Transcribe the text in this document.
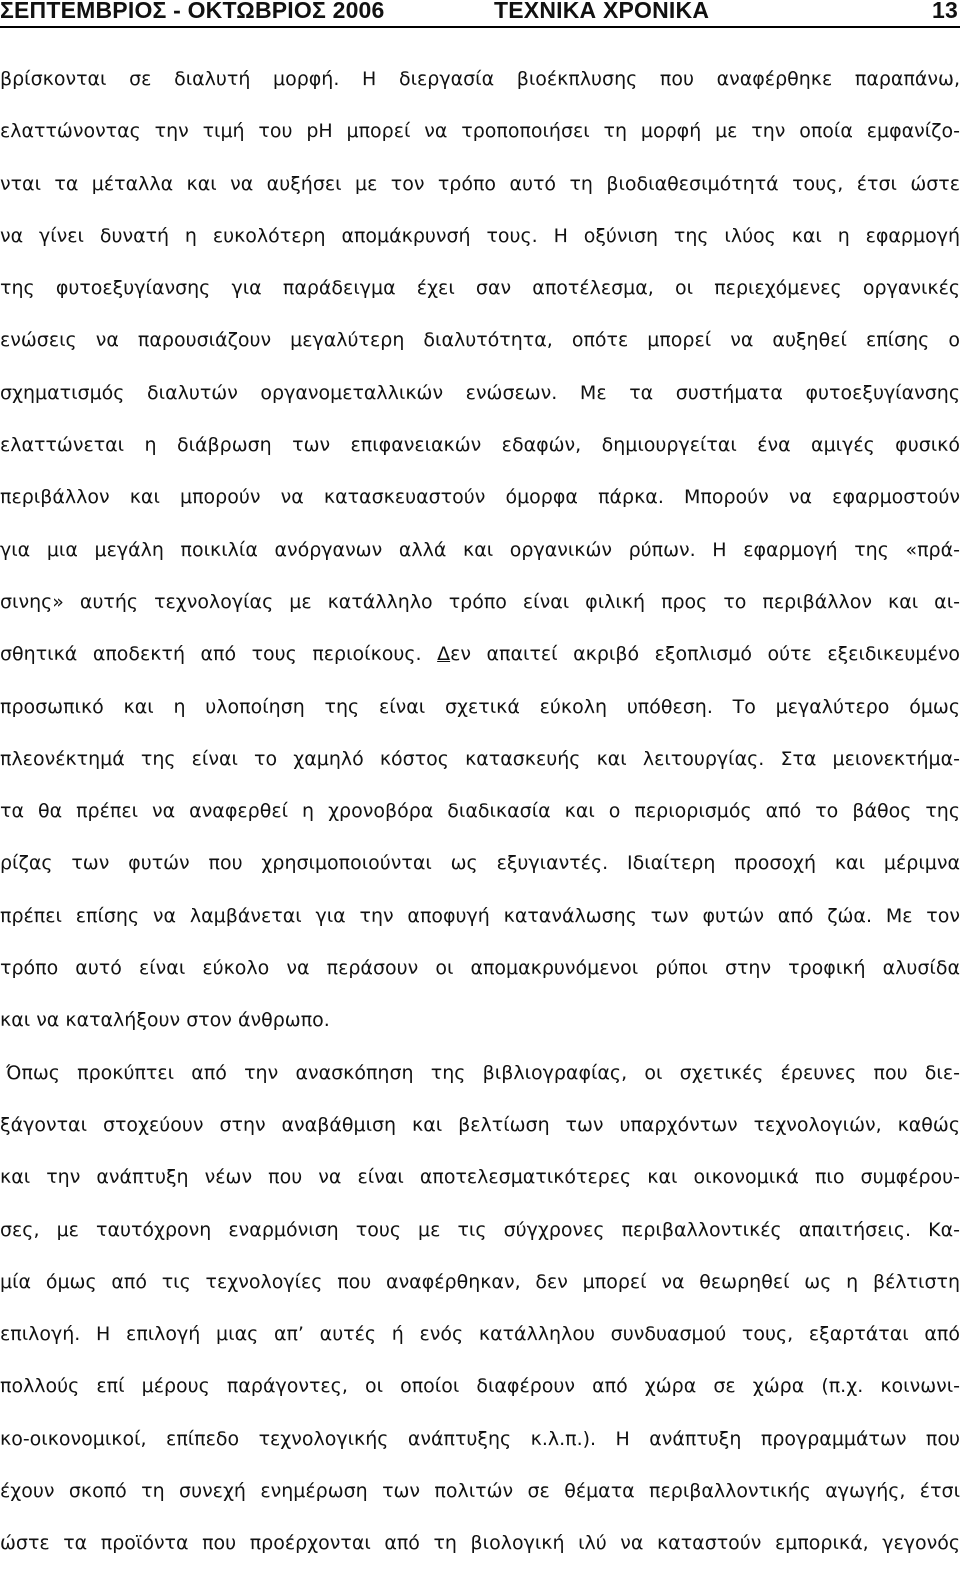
ΣΕΠΤΕΜΒΡΙΟΣ - ΟΚΤΩΒΡΙΟΣ 2006	ΤΕΧΝΙΚΑ ΧΡΟΝΙΚΑ	13
βρίσκονται σε διαλυτή μορφή. Η διεργασία βιοέκπλυσης που αναφέρθηκε παραπάνω,
ελαττώνοντας την τιμή του pH μπορεί να τροποποιήσει τη μορφή με την οποία εμφανίζο-
νται τα μέταλλα και να αυξήσει με τον τρόπο αυτό τη βιοδιαθεσιμότητά τους, έτσι ώστε
να γίνει δυνατή η ευκολότερη απομάκρυνσή τους. Η οξύνιση της ιλύος και η εφαρμογή
της φυτοεξυγίανσης για παράδειγμα έχει σαν αποτέλεσμα, οι περιεχόμενες οργανικές
ενώσεις να παρουσιάζουν μεγαλύτερη διαλυτότητα, οπότε μπορεί να αυξηθεί επίσης ο
σχηματισμός διαλυτών οργανομεταλλικών ενώσεων. Με τα συστήματα φυτοεξυγίανσης
ελαττώνεται η διάβρωση των επιφανειακών εδαφών, δημιουργείται ένα αμιγές φυσικό
περιβάλλον και μπορούν να κατασκευαστούν όμορφα πάρκα. Μπορούν να εφαρμοστούν
για μια μεγάλη ποικιλία ανόργανων αλλά και οργανικών ρύπων. Η εφαρμογή της «πρά-
σινης» αυτής τεχνολογίας με κατάλληλο τρόπο είναι φιλική προς το περιβάλλον και αι-
σθητικά αποδεκτή από τους περιοίκους. Δεν απαιτεί ακριβό εξοπλισμό ούτε εξειδικευμένο
προσωπικό και η υλοποίηση της είναι σχετικά εύκολη υπόθεση. Το μεγαλύτερο όμως
πλεονέκτημά της είναι το χαμηλό κόστος κατασκευής και λειτουργίας. Στα μειονεκτήμα-
τα θα πρέπει να αναφερθεί η χρονοβόρα διαδικασία και ο περιορισμός από το βάθος της
ρίζας των φυτών που χρησιμοποιούνται ως εξυγιαντές. Ιδιαίτερη προσοχή και μέριμνα
πρέπει επίσης να λαμβάνεται για την αποφυγή κατανάλωσης των φυτών από ζώα. Με τον
τρόπο αυτό είναι εύκολο να περάσουν οι απομακρυνόμενοι ρύποι στην τροφική αλυσίδα
και να καταλήξουν στον άνθρωπο.
Όπως προκύπτει από την ανασκόπηση της βιβλιογραφίας, οι σχετικές έρευνες που διε-
ξάγονται στοχεύουν στην αναβάθμιση και βελτίωση των υπαρχόντων τεχνολογιών, καθώς
και την ανάπτυξη νέων που να είναι αποτελεσματικότερες και οικονομικά πιο συμφέρου-
σες, με ταυτόχρονη εναρμόνιση τους με τις σύγχρονες περιβαλλοντικές απαιτήσεις. Κα-
μία όμως από τις τεχνολογίες που αναφέρθηκαν, δεν μπορεί να θεωρηθεί ως η βέλτιστη
επιλογή. Η επιλογή μιας απ’ αυτές ή ενός κατάλληλου συνδυασμού τους, εξαρτάται από
πολλούς επί μέρους παράγοντες, οι οποίοι διαφέρουν από χώρα σε χώρα (π.χ. κοινωνι-
κο-οικονομικοί, επίπεδο τεχνολογικής ανάπτυξης κ.λ.π.). Η ανάπτυξη προγραμμάτων που
έχουν σκοπό τη συνεχή ενημέρωση των πολιτών σε θέματα περιβαλλοντικής αγωγής, έτσι
ώστε τα προϊόντα που προέρχονται από τη βιολογική ιλύ να καταστούν εμπορικά, γεγονός
